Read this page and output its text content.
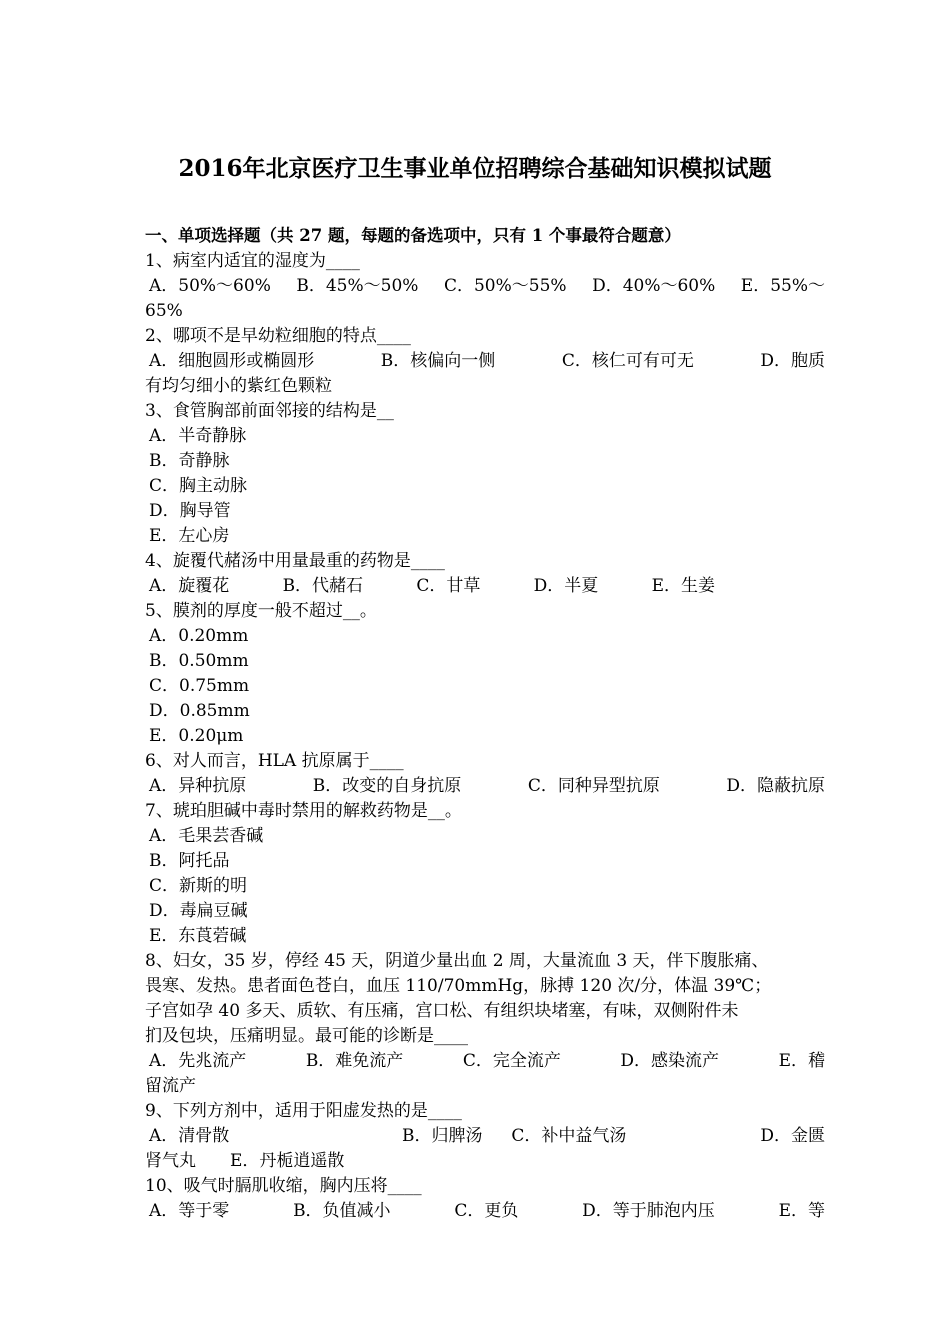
2016年北京医疗卫生事业单位招聘综合基础知识模拟试题
一、单项选择题（共 27 题，每题的备选项中，只有 1 个事最符合题意）
1、病室内适宜的湿度为____
A．50%～60% B．45%～50% C．50%～55% D．40%～60% E．55%～
65%
2、哪项不是早幼粒细胞的特点____
A．细胞圆形或椭圆形	B．核偏向一侧	C．核仁可有可无	D．胞质
有均匀细小的紫红色颗粒
3、食管胸部前面邻接的结构是__
A．半奇静脉
B．奇静脉
C．胸主动脉
D．胸导管
E．左心房
4、旋覆代赭汤中用量最重的药物是____
A．旋覆花	B．代赭石	C．甘草	D．半夏	E．生姜
5、膜剂的厚度一般不超过__。
A．0.20mm
B．0.50mm
C．0.75mm
D．0.85mm
E．0.20μm
6、对人而言，HLA 抗原属于____
A．异种抗原	B．改变的自身抗原	C．同种异型抗原	D．隐蔽抗原
7、琥珀胆碱中毒时禁用的解救药物是__。
A．毛果芸香碱
B．阿托品
C．新斯的明
D．毒扁豆碱
E．东莨菪碱
8、妇女，35 岁，停经 45 天，阴道少量出血 2 周，大量流血 3 天，伴下腹胀痛、
畏寒、发热。患者面色苍白，血压 110/70mmHg，脉搏 120 次/分，体温 39℃；
子宫如孕 40 多天、质软、有压痛，宫口松、有组织块堵塞，有味，双侧附件未
扪及包块，压痛明显。最可能的诊断是____
A．先兆流产	B．难免流产	C．完全流产	D．感染流产	E．稽
留流产
9、下列方剂中，适用于阳虚发热的是____
A．清骨散	B．归脾汤 C．补中益气汤	D．金匮
肾气丸　　E．丹栀逍遥散
10、吸气时膈肌收缩，胸内压将____
A．等于零	B．负值减小	C．更负	D．等于肺泡内压	E．等
